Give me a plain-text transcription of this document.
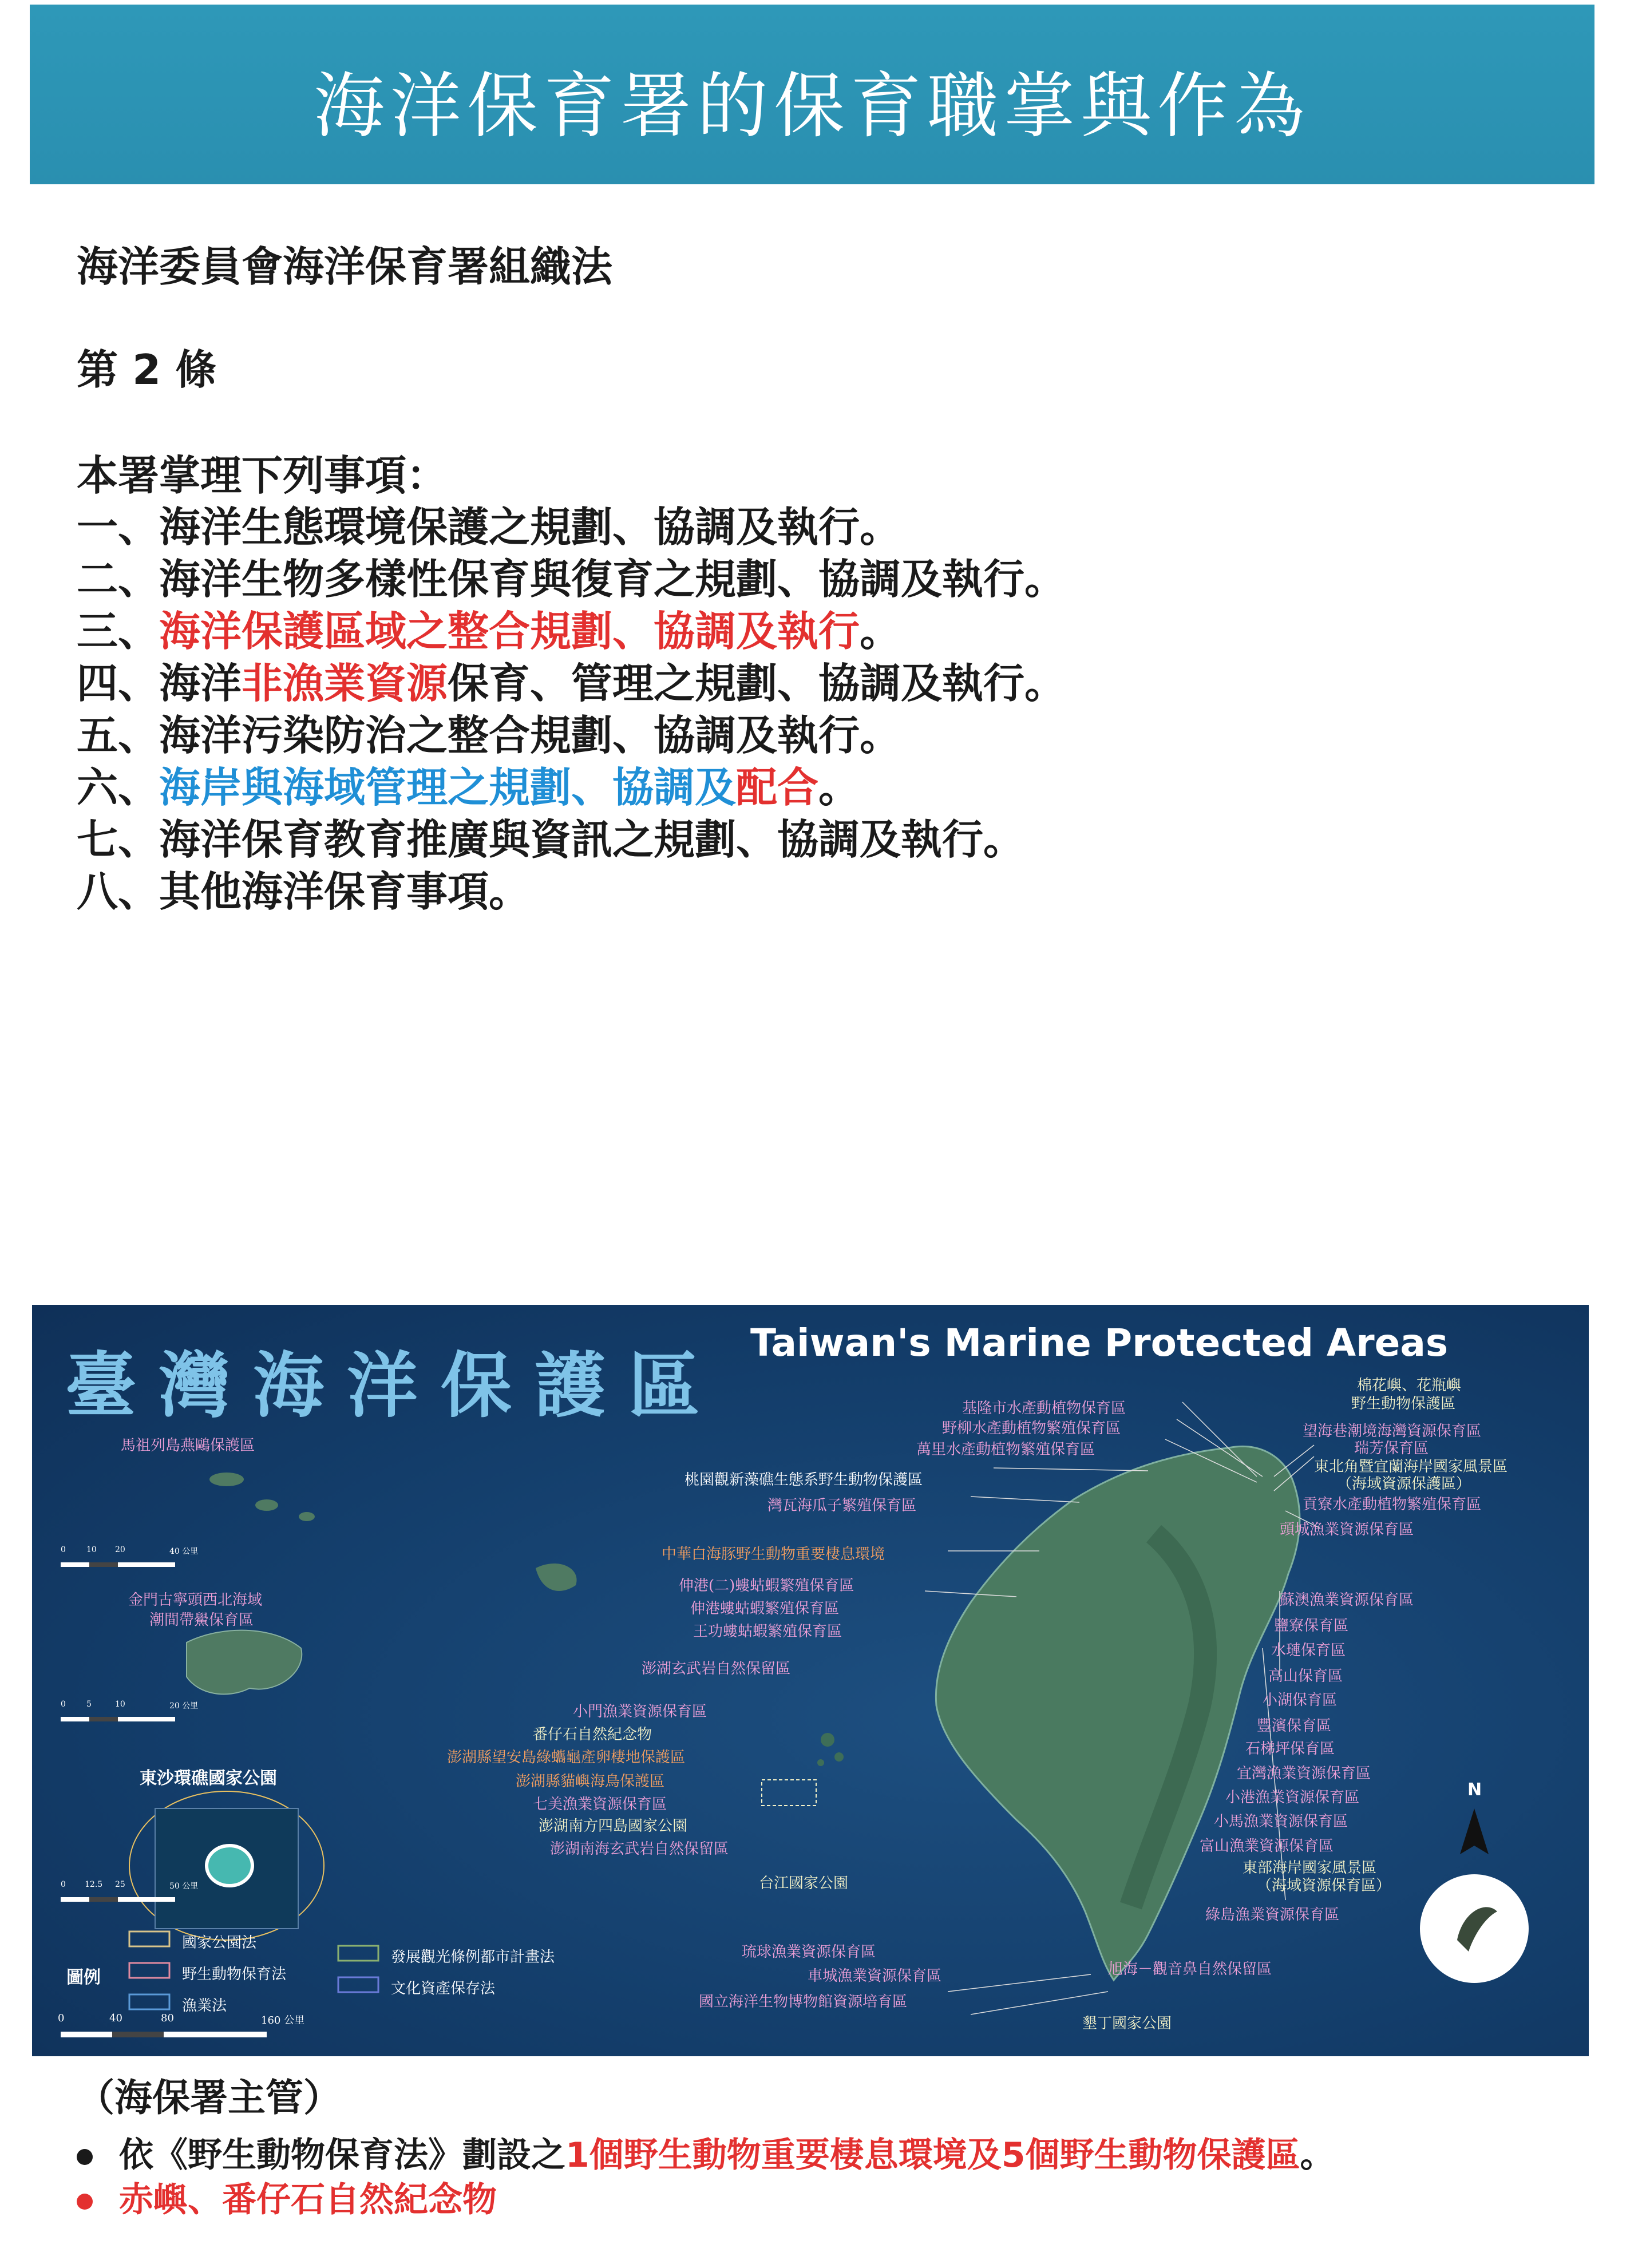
海洋保育署的保育職掌與作為
海洋委員會海洋保育署組織法
第 2 條
本署掌理下列事項：
一、海洋生態環境保護之規劃、協調及執行。
二、海洋生物多樣性保育與復育之規劃、協調及執行。
三、海洋保護區域之整合規劃、協調及執行。
四、海洋非漁業資源保育、管理之規劃、協調及執行。
五、海洋污染防治之整合規劃、協調及執行。
六、海岸與海域管理之規劃、協調及配合。
七、海洋保育教育推廣與資訊之規劃、協調及執行。
八、其他海洋保育事項。
臺灣海洋保護區
Taiwan's Marine Protected Areas
馬祖列島燕鷗保護區
金門古寧頭西北海域
潮間帶鱟保育區
東沙環礁國家公園
基隆市水產動植物保育區
野柳水產動植物繁殖保育區
萬里水產動植物繁殖保育區
桃園觀新藻礁生態系野生動物保護區
灣瓦海瓜子繁殖保育區
中華白海豚野生動物重要棲息環境
伸港(二)螻蛄蝦繁殖保育區
伸港螻蛄蝦繁殖保育區
王功螻蛄蝦繁殖保育區
澎湖玄武岩自然保留區
小門漁業資源保育區
番仔石自然紀念物
澎湖縣望安島綠蠵龜產卵棲地保護區
澎湖縣貓嶼海鳥保護區
七美漁業資源保育區
澎湖南方四島國家公園
澎湖南海玄武岩自然保留區
台江國家公園
琉球漁業資源保育區
車城漁業資源保育區
國立海洋生物博物館資源培育區
墾丁國家公園
旭海－觀音鼻自然保留區
棉花嶼、花瓶嶼
野生動物保護區
望海巷潮境海灣資源保育區
瑞芳保育區
東北角暨宜蘭海岸國家風景區
（海域資源保護區）
貢寮水產動植物繁殖保育區
頭城漁業資源保育區
蘇澳漁業資源保育區
鹽寮保育區
水璉保育區
高山保育區
小湖保育區
豐濱保育區
石梯坪保育區
宜灣漁業資源保育區
小港漁業資源保育區
小馬漁業資源保育區
富山漁業資源保育區
東部海岸國家風景區
（海域資源保育區）
綠島漁業資源保育區
圖例
國家公園法
野生動物保育法
漁業法
發展觀光條例都市計畫法
文化資產保存法
N
0	40	80	160 公里
0	10 20	40 公里
0	5	10	20 公里
0 12.5 25	50 公里
（海保署主管）
依《野生動物保育法》劃設之1個野生動物重要棲息環境及5個野生動物保護區。
赤嶼、番仔石自然紀念物
